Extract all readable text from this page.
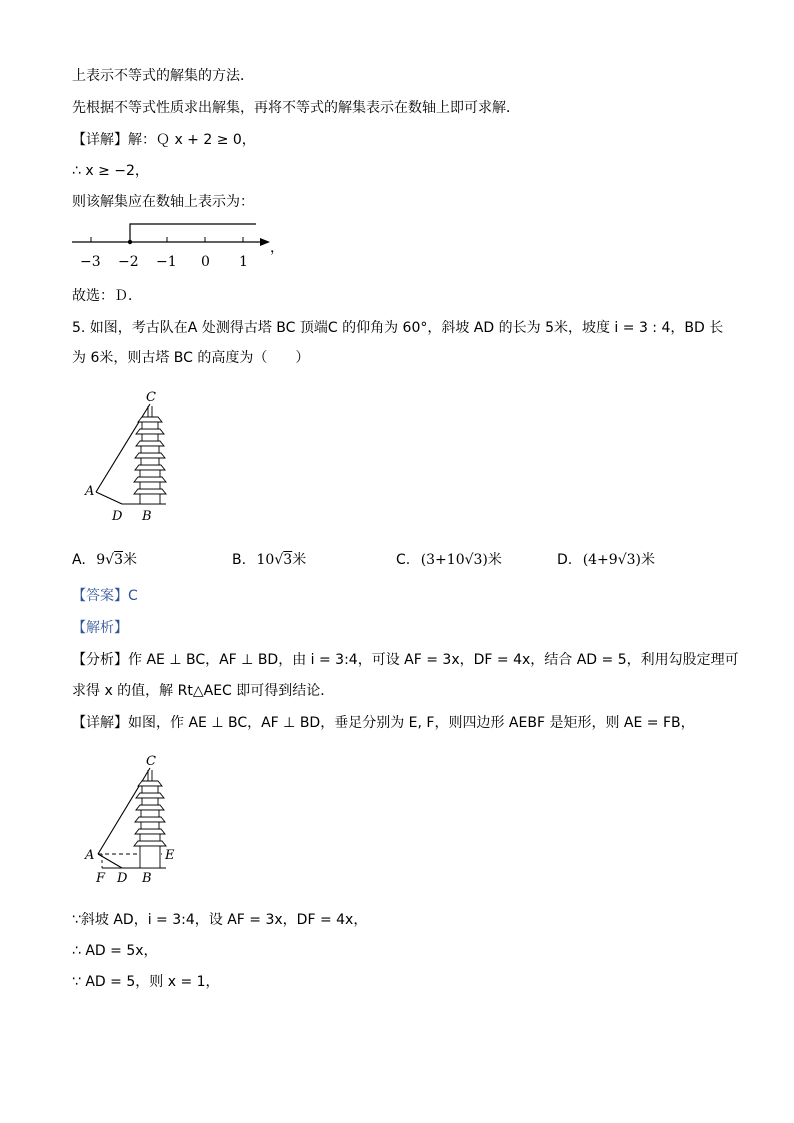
上表示不等式的解集的方法．
先根据不等式性质求出解集，再将不等式的解集表示在数轴上即可求解．
【详解】解：Ｑ x + 2 ≥ 0，
∴ x ≥ −2，
则该解集应在数轴上表示为：
−3 −2 −1 0 1
，
故选：Ｄ．
5. 如图，考古队在A 处测得古塔 BC 顶端C 的仰角为 60°，斜坡 AD 的长为 5米，坡度 i = 3 : 4，BD 长
为 6米，则古塔 BC 的高度为（　　）
C
A
D B
A. 9√3米	B. 10√3米	C. (3+10√3)米	D. (4+9√3)米
【答案】C
【解析】
【分析】作 AE ⊥ BC，AF ⊥ BD，由 i = 3:4，可设 AF = 3x，DF = 4x，结合 AD = 5，利用勾股定理可
求得 x 的值，解 Rt△AEC 即可得到结论．
【详解】如图，作 AE ⊥ BC，AF ⊥ BD，垂足分别为 E, F，则四边形 AEBF 是矩形，则 AE = FB，
C
A	E
F D B
∵斜坡 AD，i = 3:4，设 AF = 3x，DF = 4x，
∴ AD = 5x，
∵ AD = 5，则 x = 1，
